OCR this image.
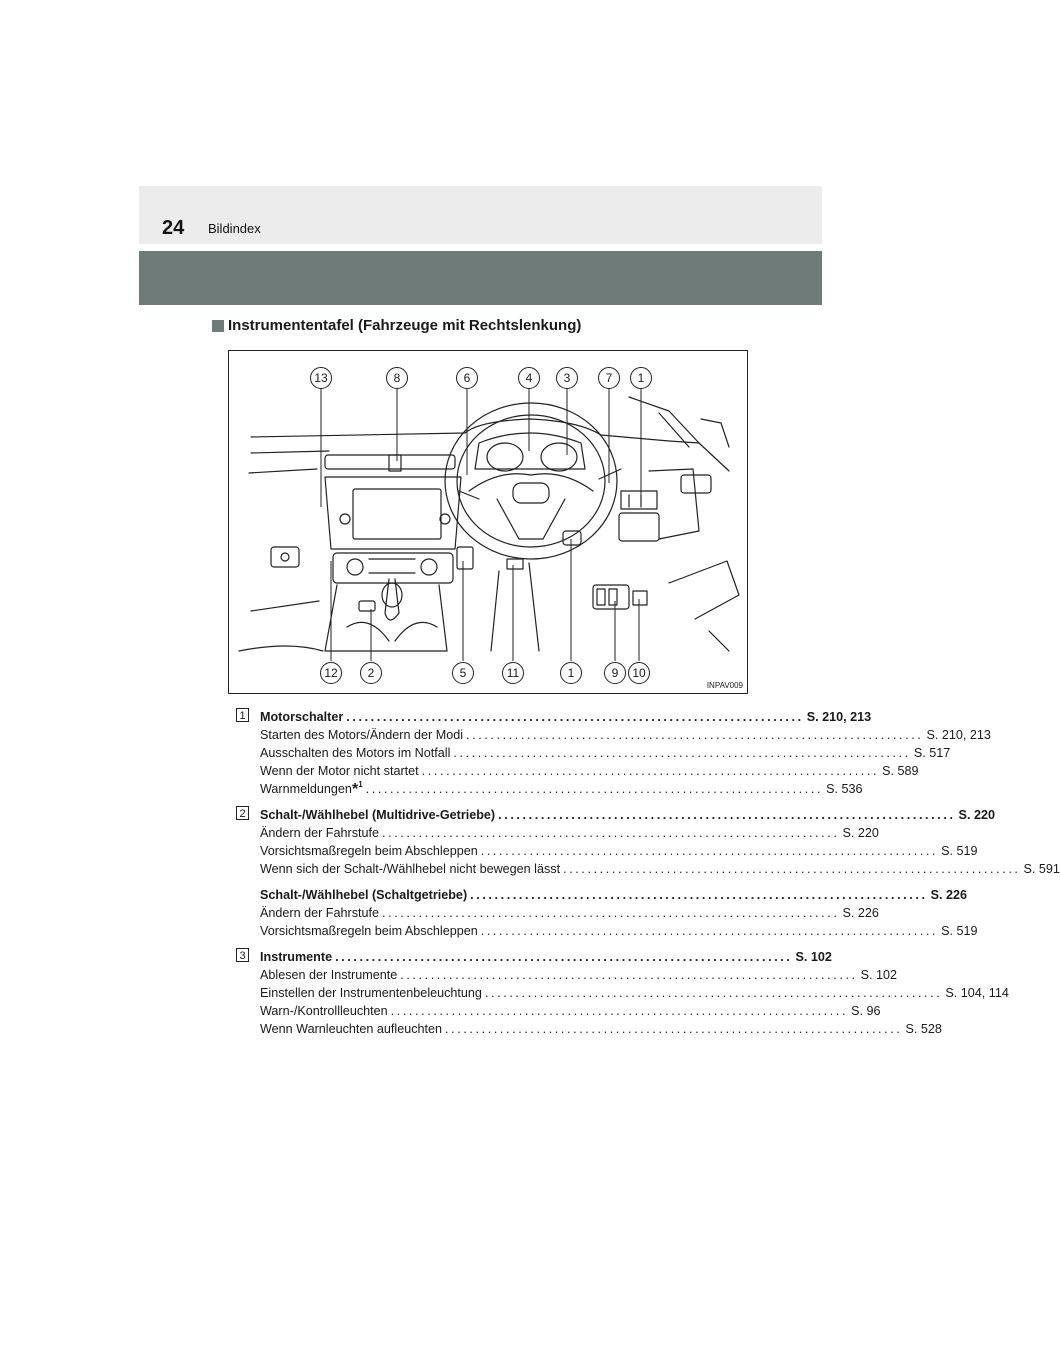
24 Bildindex
Instrumententafel (Fahrzeuge mit Rechtslenkung)
13	8	6	4	3	7	1
12	2	5	11	1	9	10
INPAV009
1 Motorschalter ........................................................................... S. 210, 213
Starten des Motors/Ändern der Modi ........................................................................... S. 210, 213
Ausschalten des Motors im Notfall ........................................................................... S. 517
Wenn der Motor nicht startet ........................................................................... S. 589
Warnmeldungen$^{*^1}$ ........................................................................... S. 536
2 Schalt-/Wählhebel (Multidrive-Getriebe) ........................................................................... S. 220
Ändern der Fahrstufe ........................................................................... S. 220
Vorsichtsmaßregeln beim Abschleppen ........................................................................... S. 519
Wenn sich der Schalt-/Wählhebel nicht bewegen lässt ........................................................................... S. 591
Schalt-/Wählhebel (Schaltgetriebe) ........................................................................... S. 226
Ändern der Fahrstufe ........................................................................... S. 226
Vorsichtsmaßregeln beim Abschleppen ........................................................................... S. 519
3 Instrumente ........................................................................... S. 102
Ablesen der Instrumente ........................................................................... S. 102
Einstellen der Instrumentenbeleuchtung ........................................................................... S. 104, 114
Warn-/Kontrollleuchten ........................................................................... S. 96
Wenn Warnleuchten aufleuchten ........................................................................... S. 528
